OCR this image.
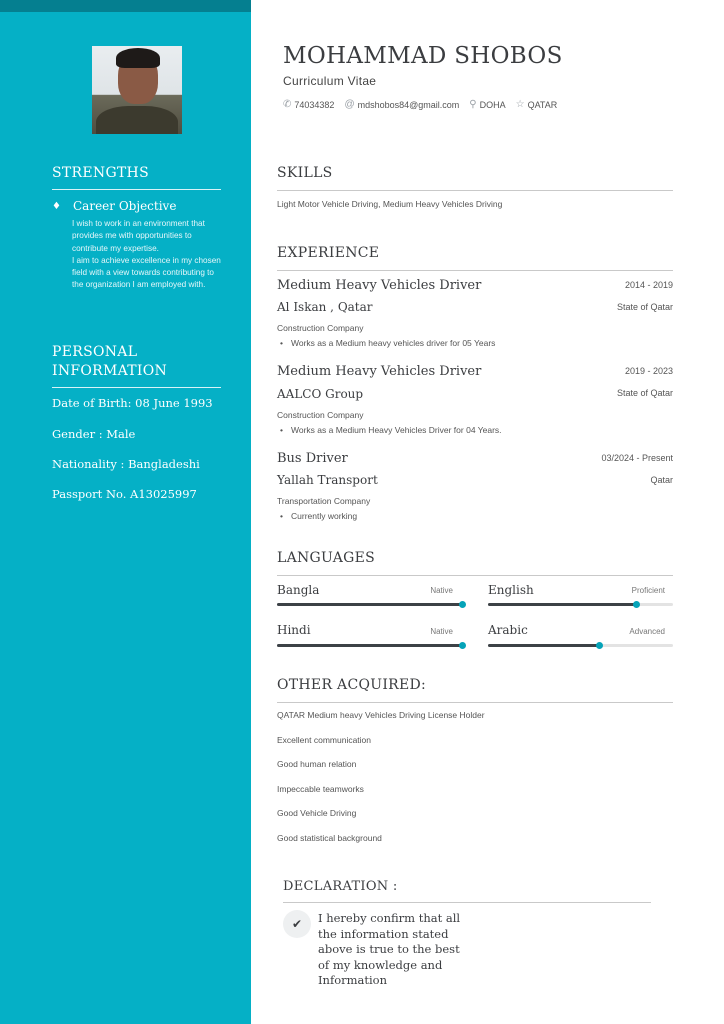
STRENGTHS
♦ Career Objective
I wish to work in an environment that provides me with opportunities to contribute my expertise.
I aim to achieve excellence in my chosen field with a view towards contributing to the organization I am employed with.
PERSONAL
INFORMATION
Date of Birth: 08 June 1993
Gender : Male
Nationality : Bangladeshi
Passport No. A13025997
MOHAMMAD SHOBOS
Curriculum Vitae
✆ 74034382 @ mdshobos84@gmail.com ⚲ DOHA ☆ QATAR
SKILLS
Light Motor Vehicle Driving, Medium Heavy Vehicles Driving
EXPERIENCE
Medium Heavy Vehicles Driver	2014 - 2019
Al Iskan , Qatar	State of Qatar
Construction Company
• Works as a Medium heavy vehicles driver for 05 Years
Medium Heavy Vehicles Driver	2019 - 2023
AALCO Group	State of Qatar
Construction Company
• Works as a Medium Heavy Vehicles Driver for 04 Years.
Bus Driver	03/2024 - Present
Yallah Transport	Qatar
Transportation Company
• Currently working
LANGUAGES
Bangla	Native	English	Proficient
Hindi	Native	Arabic	Advanced
OTHER ACQUIRED:
QATAR Medium heavy Vehicles Driving License Holder
Excellent communication
Good human relation
Impeccable teamworks
Good Vehicle Driving
Good statistical background
DECLARATION :
✔	I hereby confirm that all the information stated above is true to the best of my knowledge and Information
